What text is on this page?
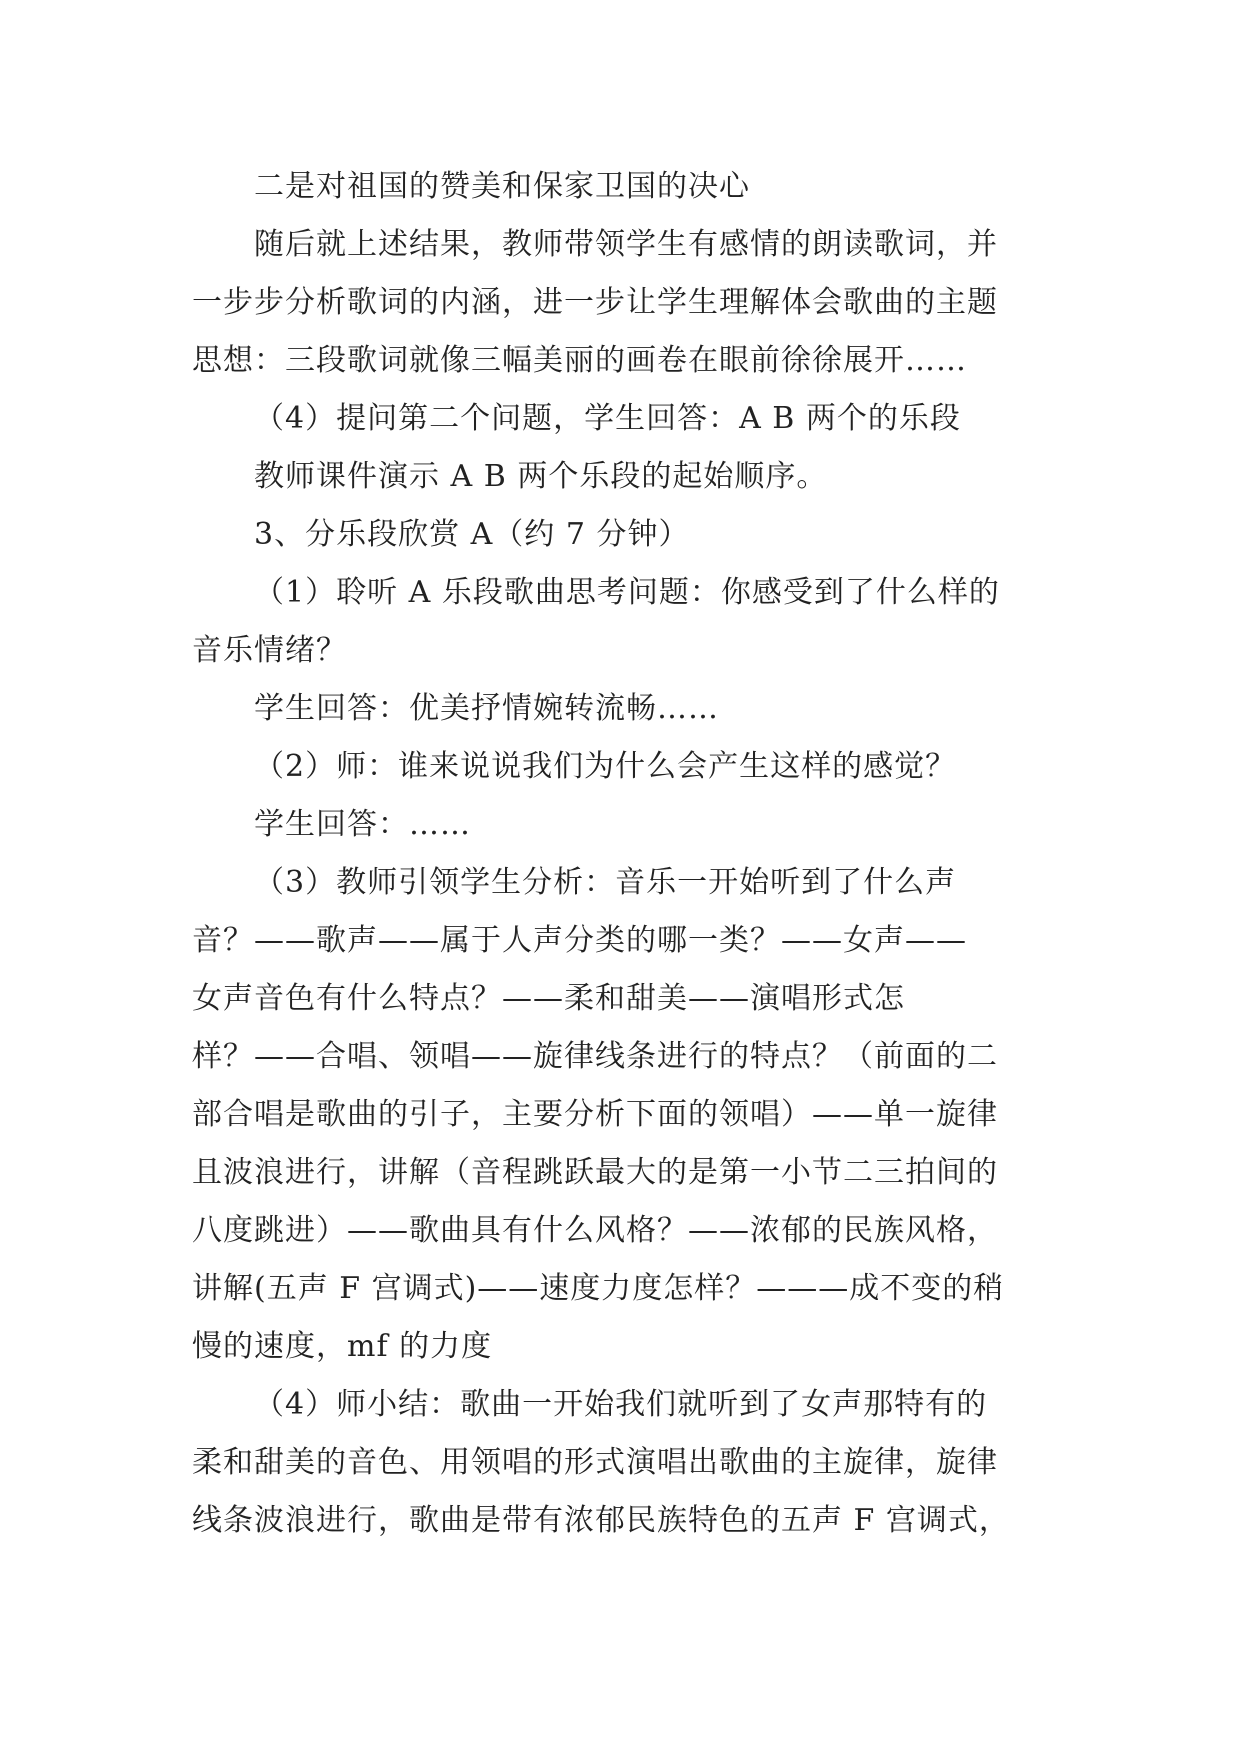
二是对祖国的赞美和保家卫国的决心

随后就上述结果，教师带领学生有感情的朗读歌词，并
一步步分析歌词的内涵，进一步让学生理解体会歌曲的主题
思想：三段歌词就像三幅美丽的画卷在眼前徐徐展开……

（4）提问第二个问题，学生回答：A B 两个的乐段

教师课件演示 A B 两个乐段的起始顺序。

3、分乐段欣赏 A（约 7 分钟）

（1）聆听 A 乐段歌曲思考问题：你感受到了什么样的
音乐情绪？

学生回答：优美抒情婉转流畅……

（2）师：谁来说说我们为什么会产生这样的感觉？

学生回答：……

（3）教师引领学生分析：音乐一开始听到了什么声
音？——歌声——属于人声分类的哪一类？——女声——
女声音色有什么特点？——柔和甜美——演唱形式怎
样？——合唱、领唱——旋律线条进行的特点？（前面的二
部合唱是歌曲的引子，主要分析下面的领唱）——单一旋律
且波浪进行，讲解（音程跳跃最大的是第一小节二三拍间的
八度跳进）——歌曲具有什么风格？——浓郁的民族风格，
讲解(五声 F 宫调式)——速度力度怎样？———成不变的稍
慢的速度，mf 的力度

（4）师小结：歌曲一开始我们就听到了女声那特有的
柔和甜美的音色、用领唱的形式演唱出歌曲的主旋律，旋律
线条波浪进行，歌曲是带有浓郁民族特色的五声 F 宫调式，
